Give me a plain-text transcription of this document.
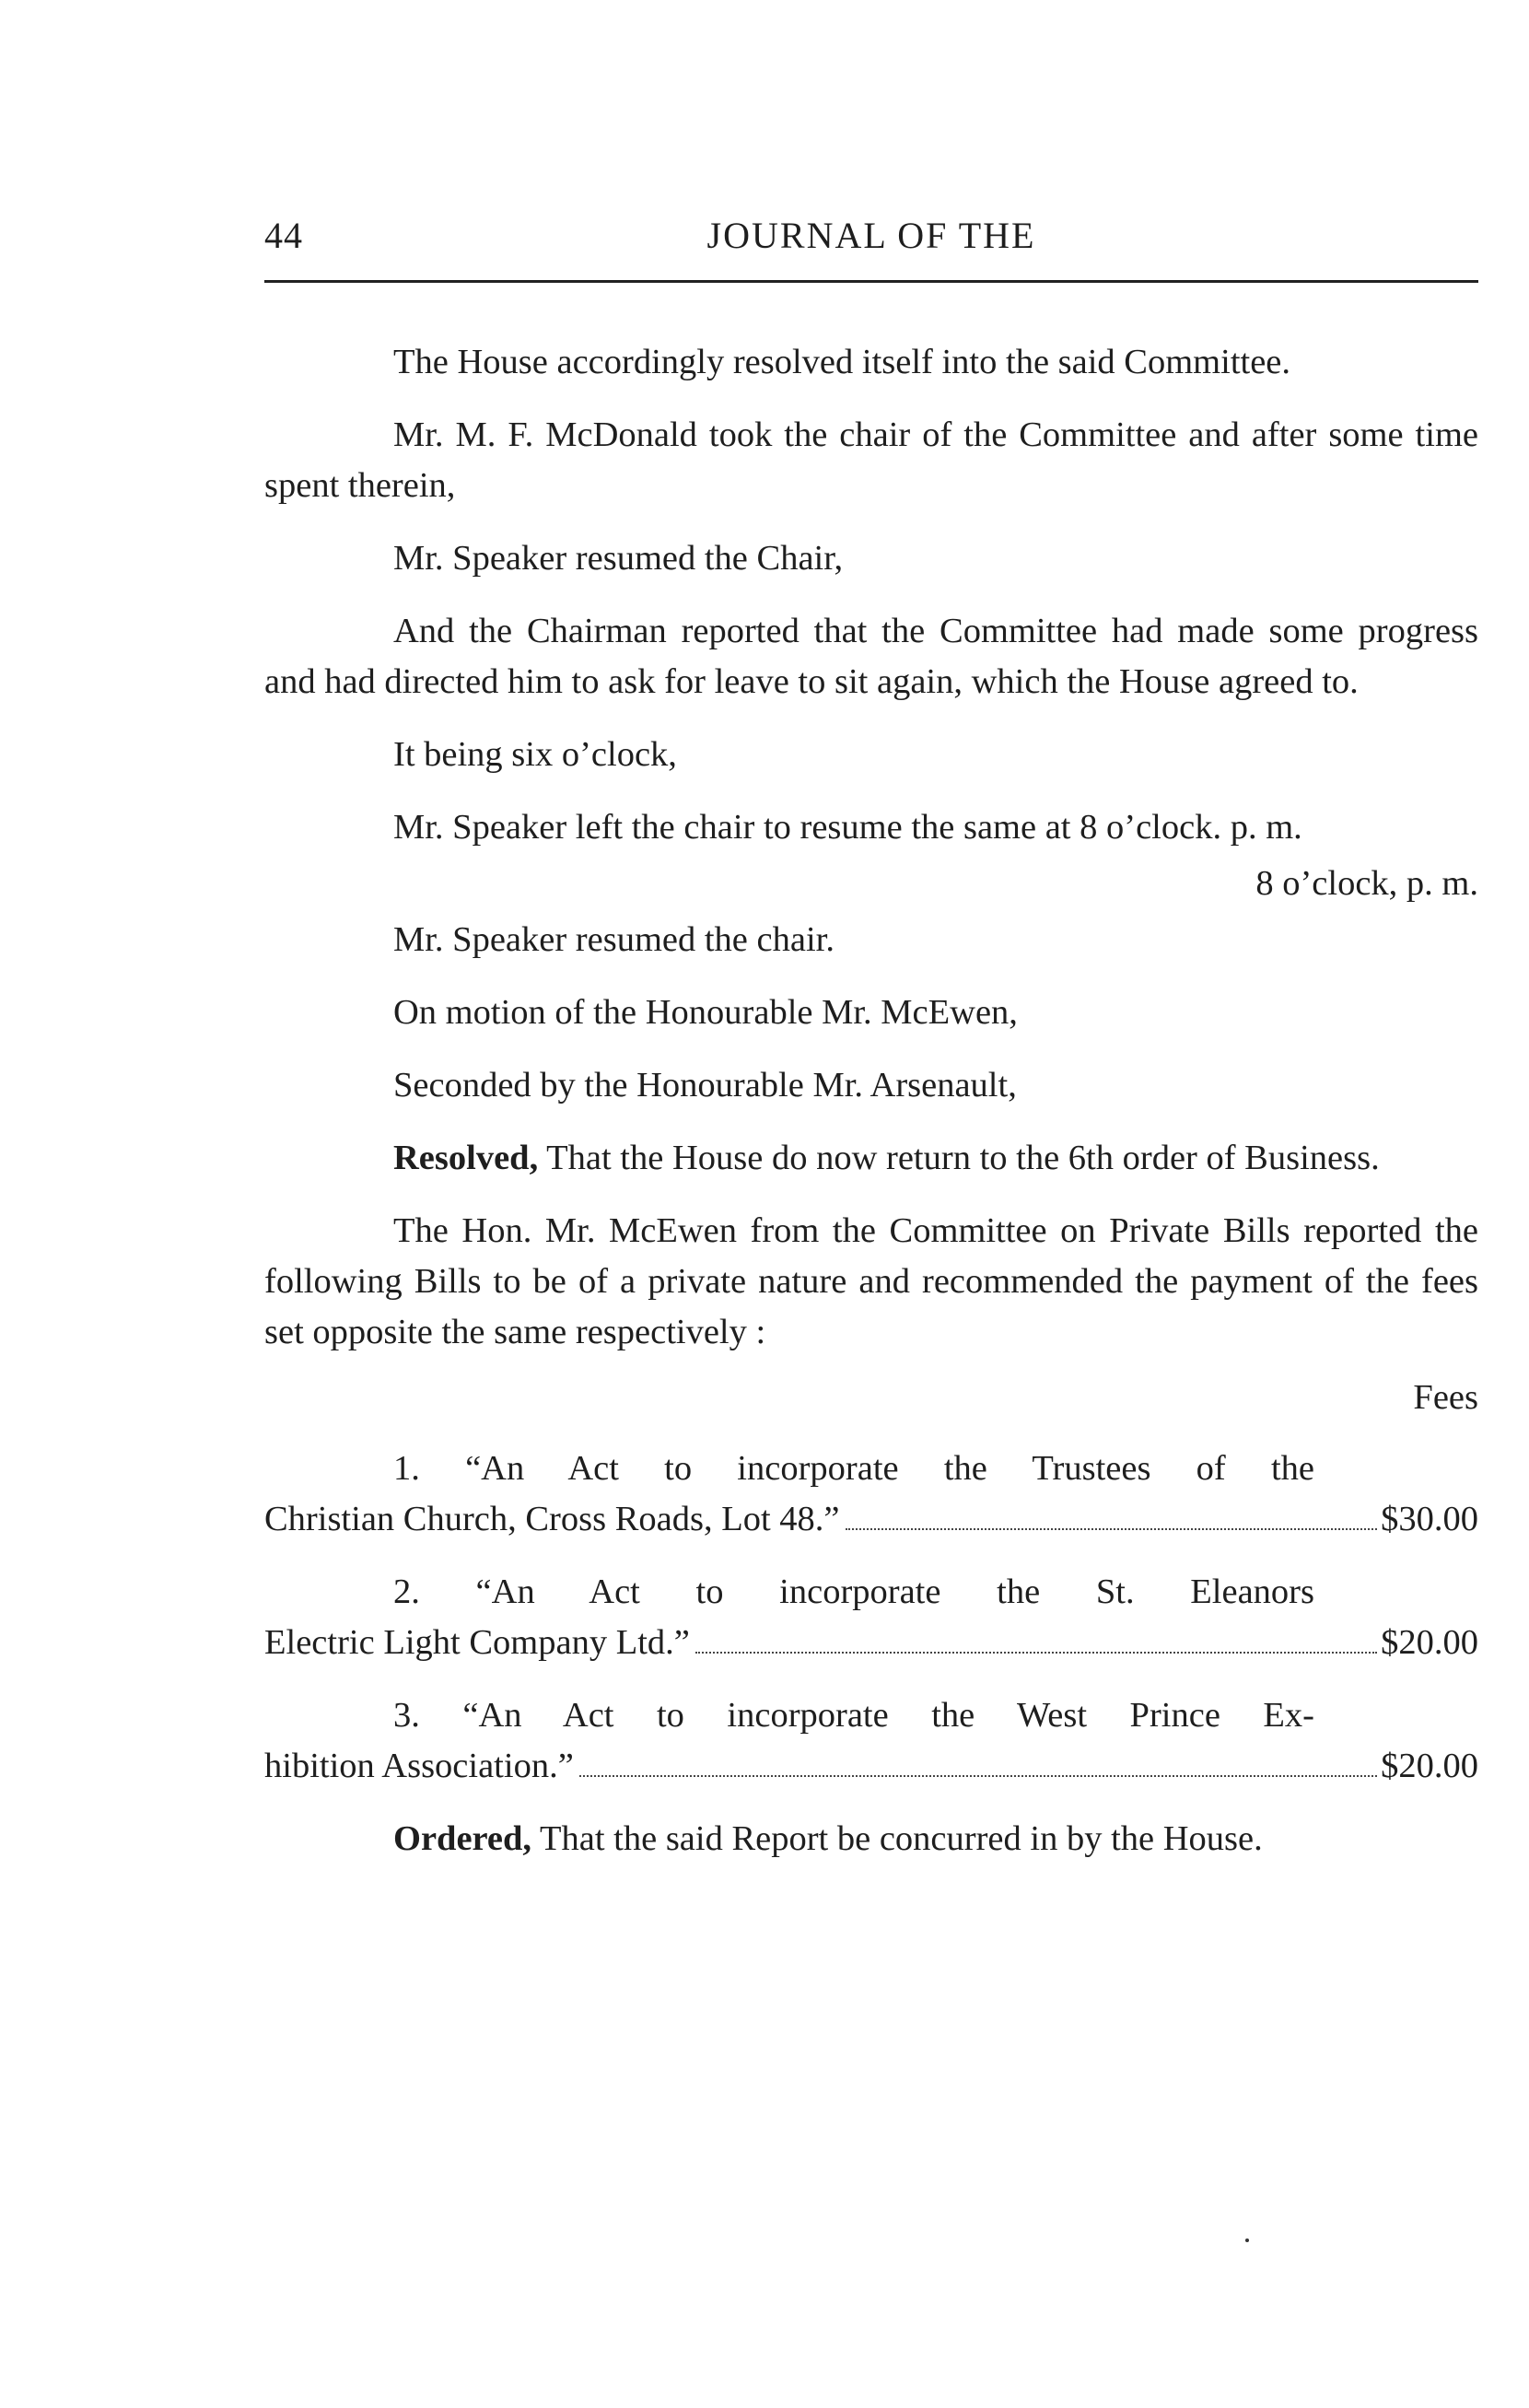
44	JOURNAL OF THE

The House accordingly resolved itself into the said Committee.

Mr. M. F. McDonald took the chair of the Committee and after some time spent therein,

Mr. Speaker resumed the Chair,

And the Chairman reported that the Committee had made some progress and had directed him to ask for leave to sit again, which the House agreed to.

It being six o’clock,

Mr. Speaker left the chair to resume the same at 8 o’clock. p. m.

8 o’clock, p. m.

Mr. Speaker resumed the chair.

On motion of the Honourable Mr. McEwen,

Seconded by the Honourable Mr. Arsenault,

Resolved, That the House do now return to the 6th order of Business.

The Hon. Mr. McEwen from the Committee on Private Bills reported the following Bills to be of a private nature and recommended the payment of the fees set opposite the same respectively :

Fees
1. “An Act to incorporate the Trustees of the
Christian Church, Cross Roads, Lot 48.”	$30.00
2. “An Act to incorporate the St. Eleanors
Electric Light Company Ltd.”	$20.00
3. “An Act to incorporate the West Prince Ex-
hibition Association.”	$20.00

Ordered, That the said Report be concurred in by the House.
